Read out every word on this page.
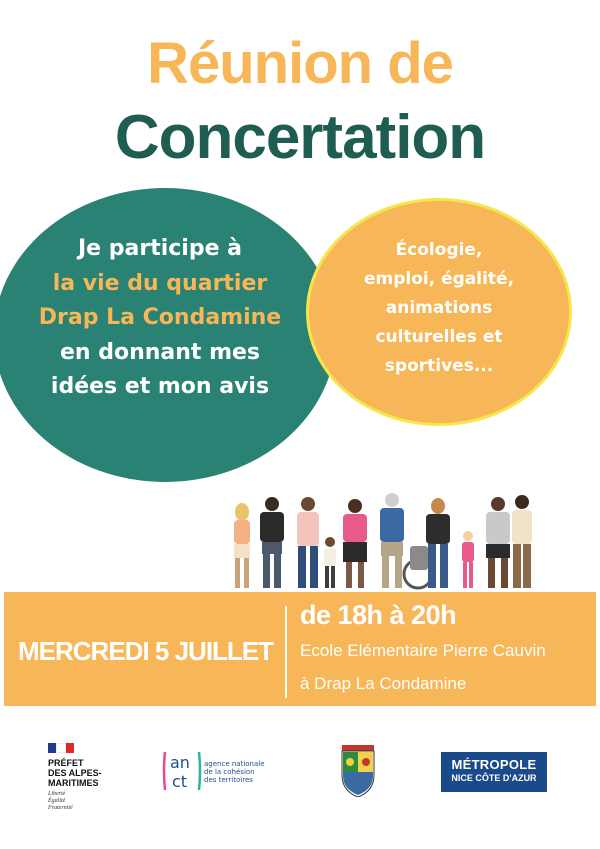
Réunion de
Concertation
Je participe à
la vie du quartier
Drap La Condamine
en donnant mes
idées et mon avis
Écologie,
emploi, égalité,
animations
culturelles et
sportives...
MERCREDI 5 JUILLET
de 18h à 20h
Ecole Elémentaire Pierre Cauvin
à Drap La Condamine
PRÉFET
DES ALPES-
MARITIMES
Liberté
Égalité
Fraternité
an
ct
agence nationale
de la cohésion
des territoires
MÉTROPOLE
NICE CÔTE D'AZUR
